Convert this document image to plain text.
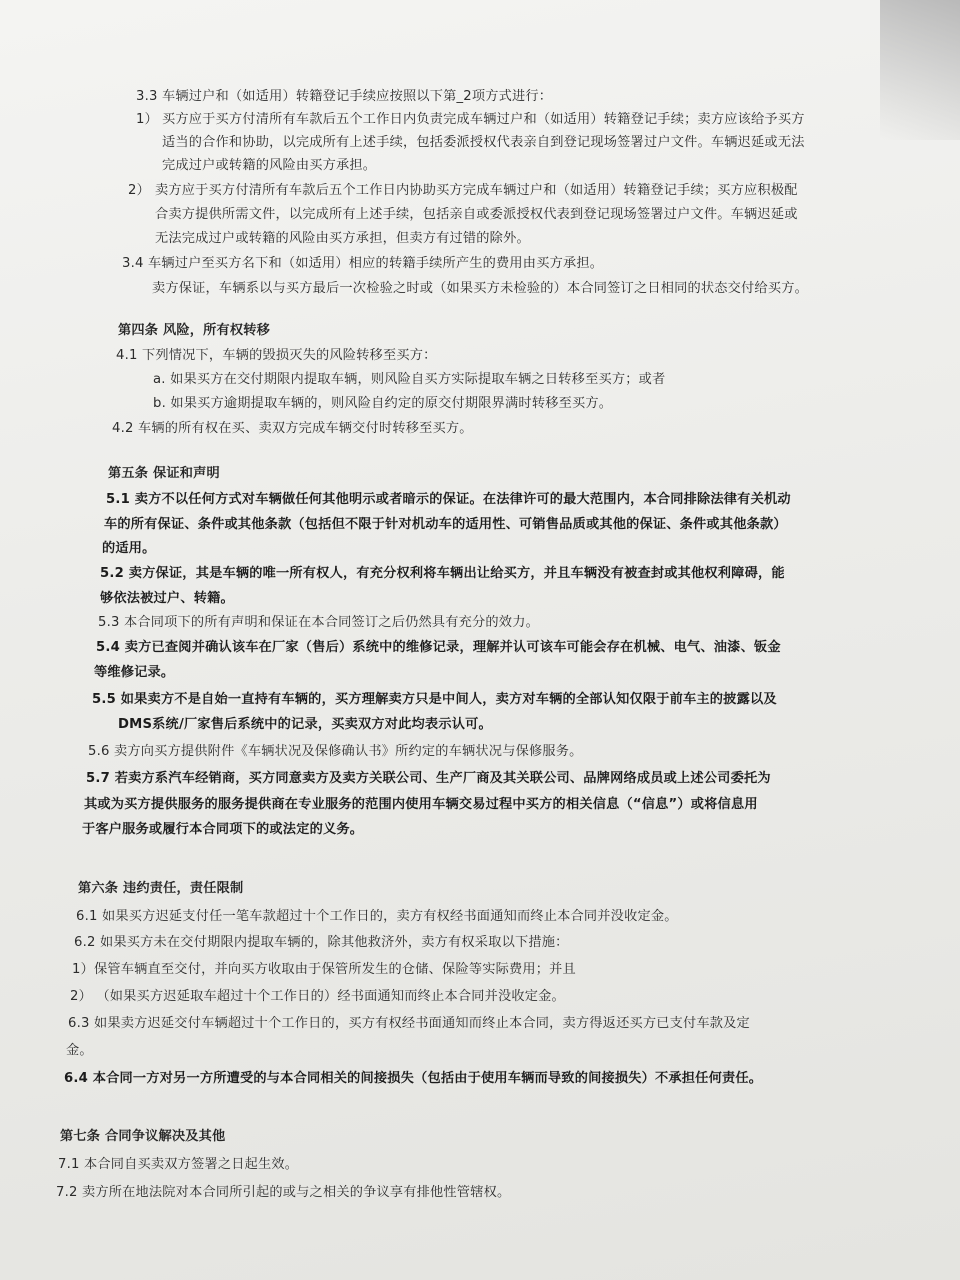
3.3 车辆过户和（如适用）转籍登记手续应按照以下第_2项方式进行：
1） 买方应于买方付清所有车款后五个工作日内负责完成车辆过户和（如适用）转籍登记手续；卖方应该给予买方
适当的合作和协助，以完成所有上述手续，包括委派授权代表亲自到登记现场签署过户文件。车辆迟延或无法
完成过户或转籍的风险由买方承担。
2） 卖方应于买方付清所有车款后五个工作日内协助买方完成车辆过户和（如适用）转籍登记手续；买方应积极配
合卖方提供所需文件，以完成所有上述手续，包括亲自或委派授权代表到登记现场签署过户文件。车辆迟延或
无法完成过户或转籍的风险由买方承担，但卖方有过错的除外。
3.4 车辆过户至买方名下和（如适用）相应的转籍手续所产生的费用由买方承担。
卖方保证，车辆系以与买方最后一次检验之时或（如果买方未检验的）本合同签订之日相同的状态交付给买方。
第四条 风险，所有权转移
4.1 下列情况下，车辆的毁损灭失的风险转移至买方：
a. 如果买方在交付期限内提取车辆，则风险自买方实际提取车辆之日转移至买方；或者
b. 如果买方逾期提取车辆的，则风险自约定的原交付期限界满时转移至买方。
4.2 车辆的所有权在买、卖双方完成车辆交付时转移至买方。
第五条 保证和声明
5.1 卖方不以任何方式对车辆做任何其他明示或者暗示的保证。在法律许可的最大范围内，本合同排除法律有关机动
车的所有保证、条件或其他条款（包括但不限于针对机动车的适用性、可销售品质或其他的保证、条件或其他条款）
的适用。
5.2 卖方保证，其是车辆的唯一所有权人，有充分权利将车辆出让给买方，并且车辆没有被查封或其他权利障碍，能
够依法被过户、转籍。
5.3 本合同项下的所有声明和保证在本合同签订之后仍然具有充分的效力。
5.4 卖方已查阅并确认该车在厂家（售后）系统中的维修记录，理解并认可该车可能会存在机械、电气、油漆、钣金
等维修记录。
5.5 如果卖方不是自始一直持有车辆的，买方理解卖方只是中间人，卖方对车辆的全部认知仅限于前车主的披露以及
DMS系统/厂家售后系统中的记录，买卖双方对此均表示认可。
5.6 卖方向买方提供附件《车辆状况及保修确认书》所约定的车辆状况与保修服务。
5.7 若卖方系汽车经销商，买方同意卖方及卖方关联公司、生产厂商及其关联公司、品牌网络成员或上述公司委托为
其或为买方提供服务的服务提供商在专业服务的范围内使用车辆交易过程中买方的相关信息（“信息”）或将信息用
于客户服务或履行本合同项下的或法定的义务。
第六条 违约责任，责任限制
6.1 如果买方迟延支付任一笔车款超过十个工作日的，卖方有权经书面通知而终止本合同并没收定金。
6.2 如果买方未在交付期限内提取车辆的，除其他救济外，卖方有权采取以下措施：
1）保管车辆直至交付，并向买方收取由于保管所发生的仓储、保险等实际费用；并且
2） （如果买方迟延取车超过十个工作日的）经书面通知而终止本合同并没收定金。
6.3 如果卖方迟延交付车辆超过十个工作日的，买方有权经书面通知而终止本合同，卖方得返还买方已支付车款及定
金。
6.4 本合同一方对另一方所遭受的与本合同相关的间接损失（包括由于使用车辆而导致的间接损失）不承担任何责任。
第七条 合同争议解决及其他
7.1 本合同自买卖双方签署之日起生效。
7.2 卖方所在地法院对本合同所引起的或与之相关的争议享有排他性管辖权。
